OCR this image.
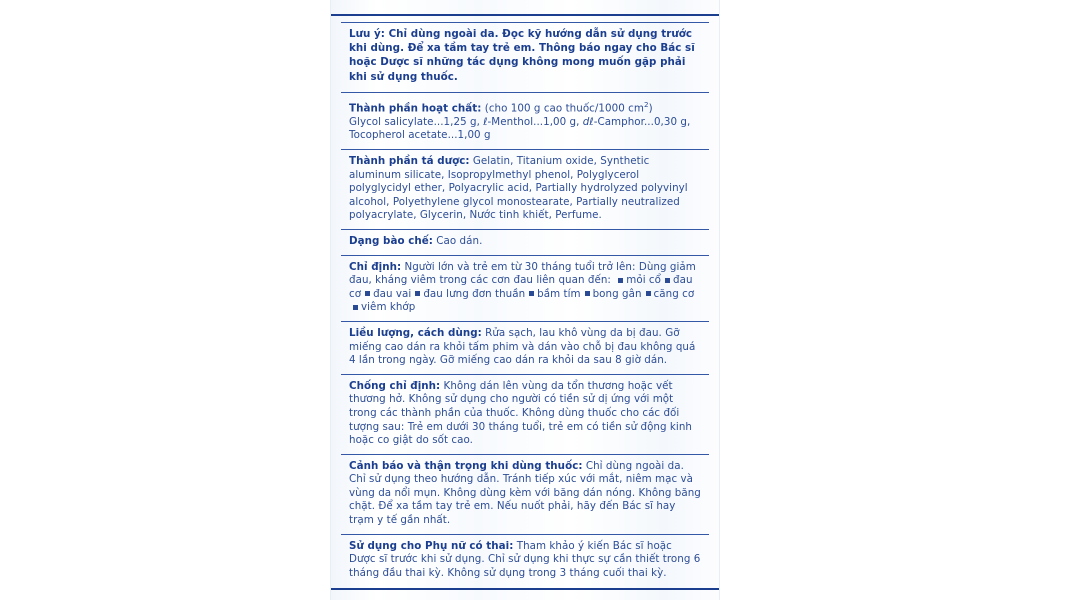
Lưu ý: Chỉ dùng ngoài da. Đọc kỹ hướng dẫn sử dụng trước khi dùng. Để xa tầm tay trẻ em. Thông báo ngay cho Bác sĩ hoặc Dược sĩ những tác dụng không mong muốn gặp phải khi sử dụng thuốc.
Thành phần hoạt chất: (cho 100 g cao thuốc/1000 $cm^2$)
Glycol salicylate...1,25 g, ℓ-Menthol...1,00 g, dℓ-Camphor...0,30 g,
Tocopherol acetate...1,00 g
Thành phần tá dược: Gelatin, Titanium oxide, Synthetic aluminum silicate, Isopropylmethyl phenol, Polyglycerol polyglycidyl ether, Polyacrylic acid, Partially hydrolyzed polyvinyl alcohol, Polyethylene glycol monostearate, Partially neutralized polyacrylate, Glycerin, Nước tinh khiết, Perfume.
Dạng bào chế: Cao dán.
Chỉ định: Người lớn và trẻ em từ 30 tháng tuổi trở lên: Dùng giảm đau, kháng viêm trong các cơn đau liên quan đến: mỏi cổ đau cơ đau vai đau lưng đơn thuần bầm tím bong gân căng cơviêm khớp
Liều lượng, cách dùng: Rửa sạch, lau khô vùng da bị đau. Gỡ miếng cao dán ra khỏi tấm phim và dán vào chỗ bị đau không quá 4 lần trong ngày. Gỡ miếng cao dán ra khỏi da sau 8 giờ dán.
Chống chỉ định: Không dán lên vùng da tổn thương hoặc vết thương hở. Không sử dụng cho người có tiền sử dị ứng với một trong các thành phần của thuốc. Không dùng thuốc cho các đối tượng sau: Trẻ em dưới 30 tháng tuổi, trẻ em có tiền sử động kinh hoặc co giật do sốt cao.
Cảnh báo và thận trọng khi dùng thuốc: Chỉ dùng ngoài da. Chỉ sử dụng theo hướng dẫn. Tránh tiếp xúc với mắt, niêm mạc và vùng da nổi mụn. Không dùng kèm với băng dán nóng. Không băng chặt. Để xa tầm tay trẻ em. Nếu nuốt phải, hãy đến Bác sĩ hay trạm y tế gần nhất.
Sử dụng cho Phụ nữ có thai: Tham khảo ý kiến Bác sĩ hoặc Dược sĩ trước khi sử dụng. Chỉ sử dụng khi thực sự cần thiết trong 6 tháng đầu thai kỳ. Không sử dụng trong 3 tháng cuối thai kỳ.
